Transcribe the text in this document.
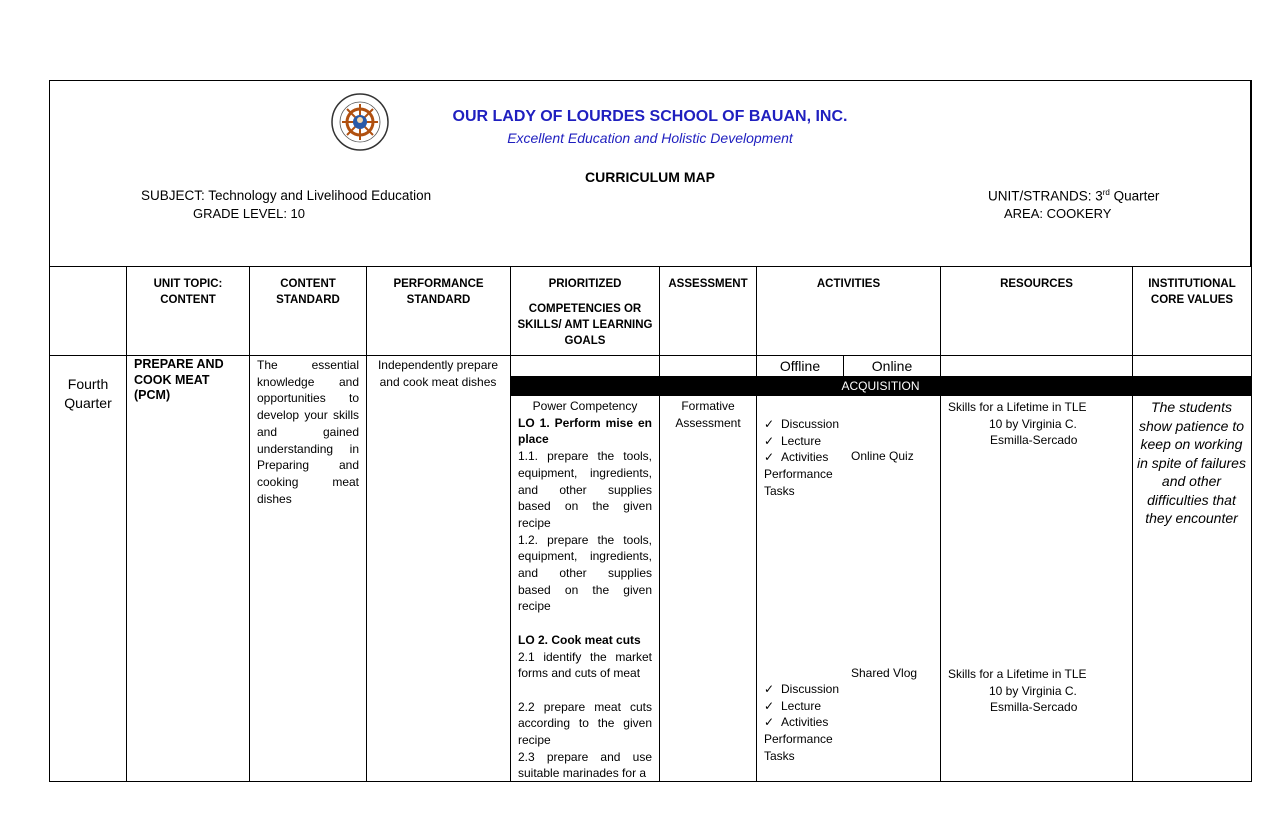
OUR LADY OF LOURDES SCHOOL OF BAUAN, INC.
Excellent Education and Holistic Development
CURRICULUM MAP
SUBJECT: Technology and Livelihood Education
GRADE LEVEL: 10
UNIT/STRANDS: 3rd Quarter
AREA: COOKERY
UNIT TOPIC: CONTENT
CONTENT STANDARD
PERFORMANCE STANDARD
PRIORITIZED
COMPETENCIES OR SKILLS/ AMT LEARNING GOALS
ASSESSMENT	ACTIVITIES	RESOURCES	INSTITUTIONAL CORE VALUES
Fourth Quarter
PREPARE AND COOK MEAT (PCM)
The essential knowledge and opportunities to develop your skills and gained understanding in Preparing and cooking meat dishes
Independently prepare and cook meat dishes
Offline	Online
ACQUISITION
Power Competency
LO 1. Perform mise en place
1.1. prepare the tools, equipment, ingredients, and other supplies based on the given recipe
1.2. prepare the tools, equipment, ingredients, and other supplies based on the given recipe
LO 2. Cook meat cuts
2.1 identify the market forms and cuts of meat
2.2 prepare meat cuts according to the given recipe
2.3 prepare and use suitable marinades for a
Formative Assessment
✓	Discussion
✓ Lecture
✓ Activities
Performance Tasks
Online Quiz
✓ Discussion
✓ Lecture
✓ Activities
Performance Tasks
Shared Vlog
Skills for a Lifetime in TLE
10 by Virginia C.
Esmilla-Sercado
Skills for a Lifetime in TLE
10 by Virginia C.
Esmilla-Sercado
The students show patience to keep on working in spite of failures and other difficulties that they encounter
